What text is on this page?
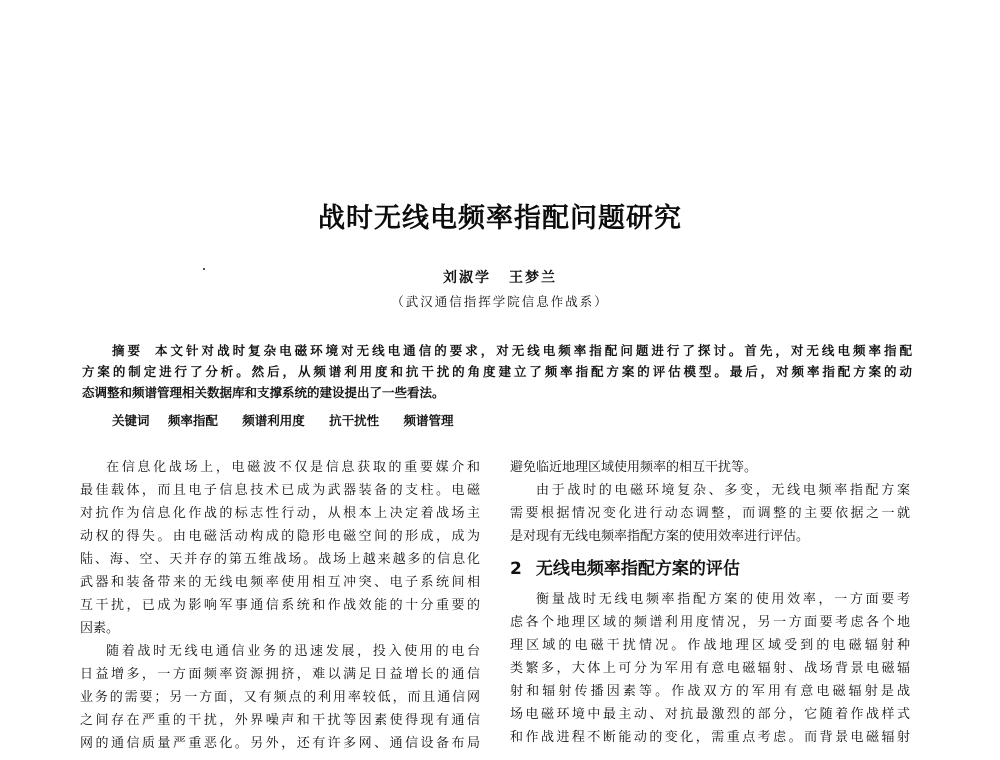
战时无线电频率指配问题研究
刘淑学 王梦兰
（武汉通信指挥学院信息作战系）
摘要 本文针对战时复杂电磁环境对无线电通信的要求，对无线电频率指配问题进行了探讨。首先，对无线电频率指配
方案的制定进行了分析。然后，从频谱利用度和抗干扰的角度建立了频率指配方案的评估模型。最后，对频率指配方案的动
态调整和频谱管理相关数据库和支撑系统的建设提出了一些看法。
关键词 频率指配 频谱利用度 抗干扰性 频谱管理
在信息化战场上，电磁波不仅是信息获取的重要媒介和
最佳载体，而且电子信息技术已成为武器装备的支柱。电磁
对抗作为信息化作战的标志性行动，从根本上决定着战场主
动权的得失。由电磁活动构成的隐形电磁空间的形成，成为
陆、海、空、天并存的第五维战场。战场上越来越多的信息化
武器和装备带来的无线电频率使用相互冲突、电子系统间相
互干扰，已成为影响军事通信系统和作战效能的十分重要的
因素。
随着战时无线电通信业务的迅速发展，投入使用的电台
日益增多，一方面频率资源拥挤，难以满足日益增长的通信
业务的需要；另一方面，又有频点的利用率较低，而且通信网
之间存在严重的干扰，外界噪声和干扰等因素使得现有通信
网的通信质量严重恶化。另外，还有许多网、通信设备布局
避免临近地理区域使用频率的相互干扰等。
由于战时的电磁环境复杂、多变，无线电频率指配方案
需要根据情况变化进行动态调整，而调整的主要依据之一就
是对现有无线电频率指配方案的使用效率进行评估。
2 无线电频率指配方案的评估
衡量战时无线电频率指配方案的使用效率，一方面要考
虑各个地理区域的频谱利用度情况，另一方面要考虑各个地
理区域的电磁干扰情况。作战地理区域受到的电磁辐射种
类繁多，大体上可分为军用有意电磁辐射、战场背景电磁辐
射和辐射传播因素等。作战双方的军用有意电磁辐射是战
场电磁环境中最主动、对抗最激烈的部分，它随着作战样式
和作战进程不断能动的变化，需重点考虑。而背景电磁辐射
